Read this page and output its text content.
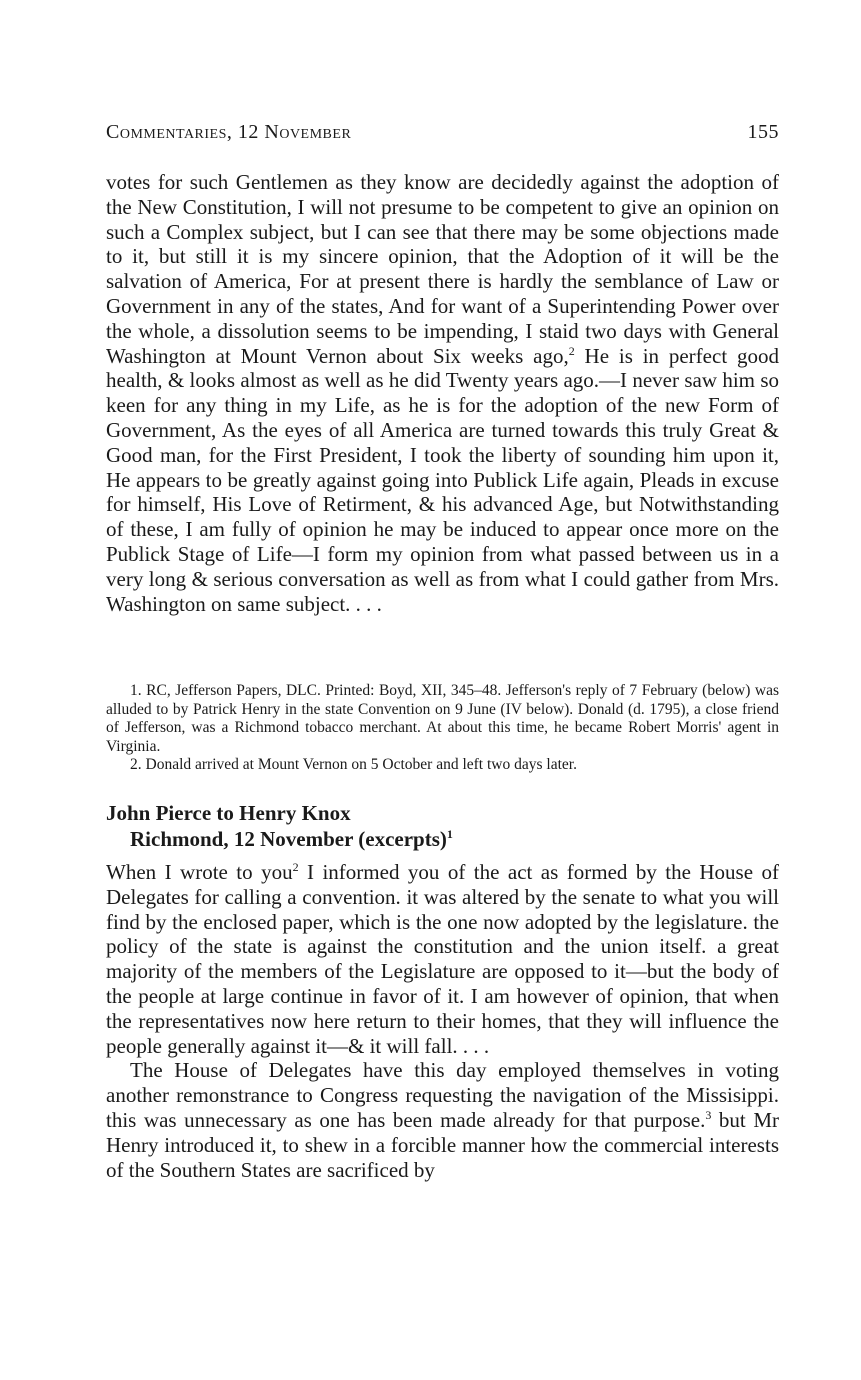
Commentaries, 12 November	155

votes for such Gentlemen as they know are decidedly against the adoption of the New Constitution, I will not presume to be competent to give an opinion on such a Complex subject, but I can see that there may be some objections made to it, but still it is my sincere opinion, that the Adoption of it will be the salvation of America, For at present there is hardly the semblance of Law or Government in any of the states, And for want of a Superintending Power over the whole, a dissolution seems to be impending, I staid two days with General Washington at Mount Vernon about Six weeks ago,$^2$ He is in perfect good health, & looks almost as well as he did Twenty years ago.—I never saw him so keen for any thing in my Life, as he is for the adoption of the new Form of Government, As the eyes of all America are turned towards this truly Great & Good man, for the First President, I took the liberty of sounding him upon it, He appears to be greatly against going into Publick Life again, Pleads in excuse for himself, His Love of Retirment, & his advanced Age, but Notwithstanding of these, I am fully of opinion he may be induced to appear once more on the Publick Stage of Life—I form my opinion from what passed between us in a very long & serious conversation as well as from what I could gather from Mrs. Washington on same subject. . . .

1. RC, Jefferson Papers, DLC. Printed: Boyd, XII, 345–48. Jefferson's reply of 7 February (below) was alluded to by Patrick Henry in the state Convention on 9 June (IV below). Donald (d. 1795), a close friend of Jefferson, was a Richmond tobacco merchant. At about this time, he became Robert Morris' agent in Virginia.

2. Donald arrived at Mount Vernon on 5 October and left two days later.

John Pierce to Henry Knox
Richmond, 12 November (excerpts)$^1$

When I wrote to you$^2$ I informed you of the act as formed by the House of Delegates for calling a convention. it was altered by the senate to what you will find by the enclosed paper, which is the one now adopted by the legislature. the policy of the state is against the constitution and the union itself. a great majority of the members of the Legislature are opposed to it—but the body of the people at large continue in favor of it. I am however of opinion, that when the representatives now here return to their homes, that they will influence the people generally against it—& it will fall. . . .

The House of Delegates have this day employed themselves in voting another remonstrance to Congress requesting the navigation of the Missisippi. this was unnecessary as one has been made already for that purpose.$^3$ but Mr Henry introduced it, to shew in a forcible manner how the commercial interests of the Southern States are sacrificed by
